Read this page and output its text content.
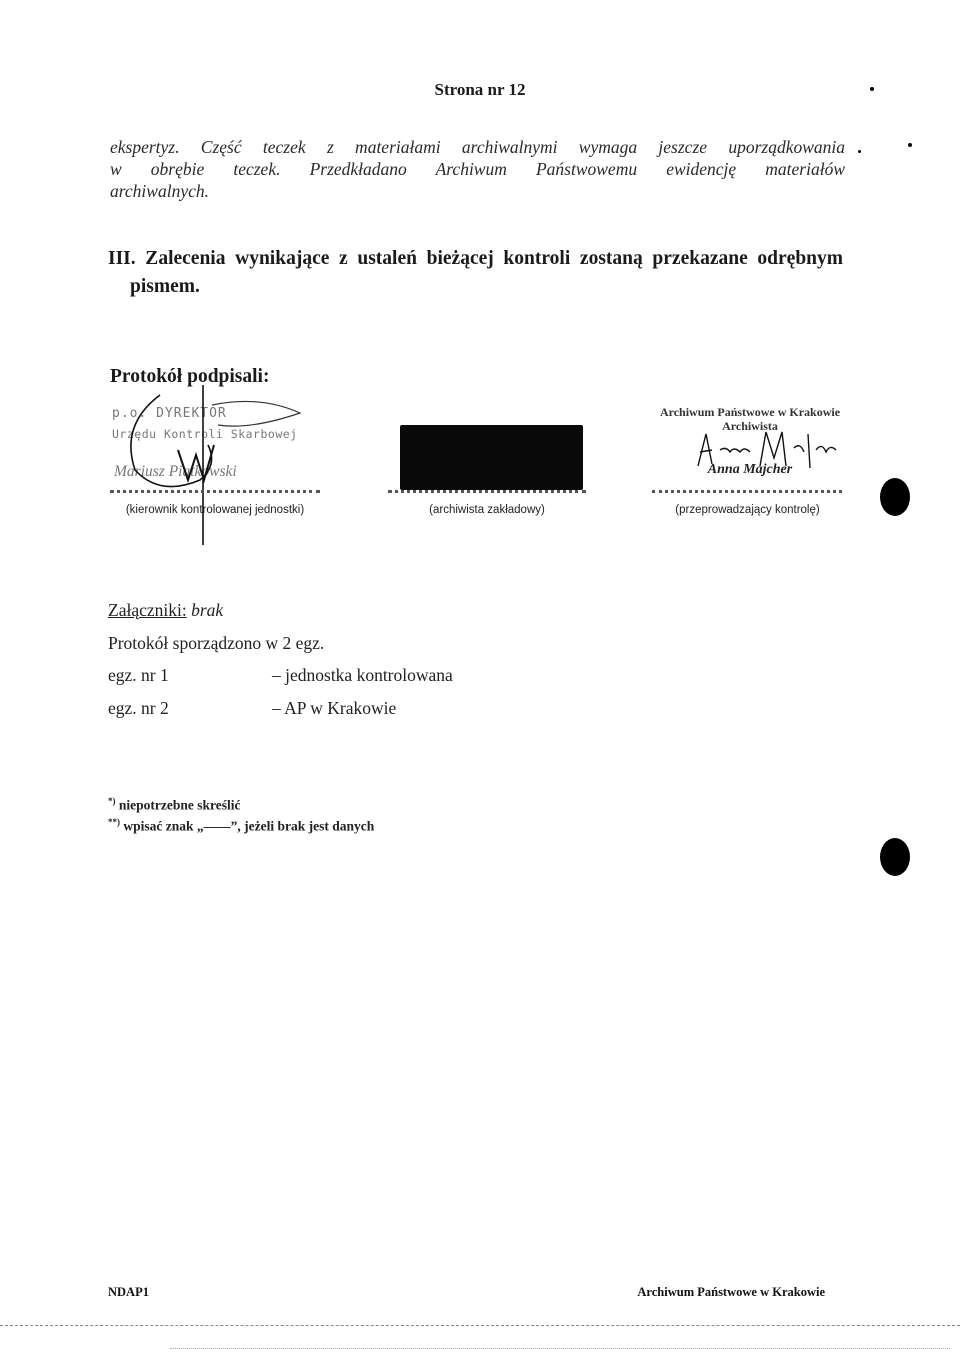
Strona nr 12
ekspertyz. Część teczek z materiałami archiwalnymi wymaga jeszcze uporządkowania
w obrębie teczek. Przedkładano Archiwum Państwowemu ewidencję materiałów
archiwalnych.
III. Zalecenia wynikające z ustaleń bieżącej kontroli zostaną przekazane odrębnym
pismem.
Protokół podpisali:
p.o. DYREKTOR
Urzędu Kontroli Skarbowej
Mariusz Piątkowski
(kierownik kontrolowanej jednostki)	(archiwista zakładowy)
Archiwum Państwowe w Krakowie
Archiwista
Anna Majcher
(przeprowadzający kontrolę)
Załączniki: brak
Protokół sporządzono w 2 egz.
egz. nr 1	– jednostka kontrolowana
egz. nr 2	– AP w Krakowie
*) niepotrzebne skreślić
**) wpisać znak „——”, jeżeli brak jest danych
NDAP1	Archiwum Państwowe w Krakowie
